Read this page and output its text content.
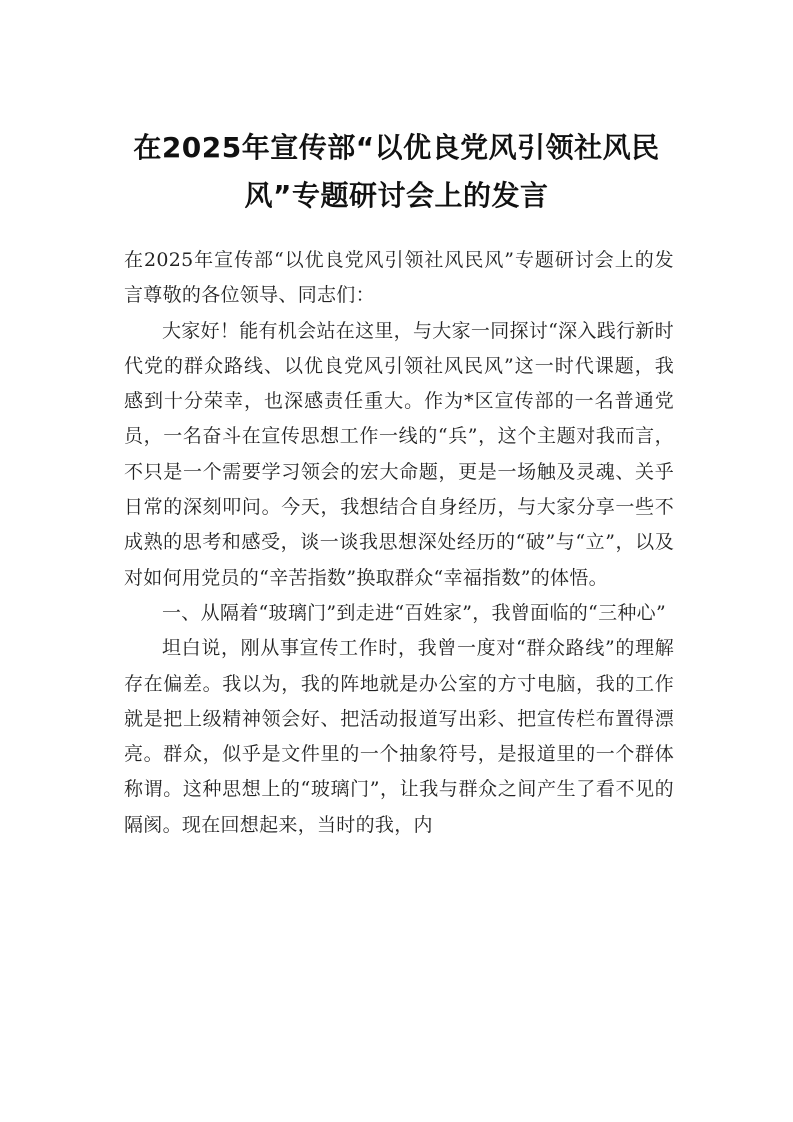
在2025年宣传部“以优良党风引领社风民风”专题研讨会上的发言

在2025年宣传部“以优良党风引领社风民风”专题研讨会上的发言尊敬的各位领导、同志们：

大家好！能有机会站在这里，与大家一同探讨“深入践行新时代党的群众路线、以优良党风引领社风民风”这一时代课题，我感到十分荣幸，也深感责任重大。作为*区宣传部的一名普通党员，一名奋斗在宣传思想工作一线的“兵”，这个主题对我而言，不只是一个需要学习领会的宏大命题，更是一场触及灵魂、关乎日常的深刻叩问。今天，我想结合自身经历，与大家分享一些不成熟的思考和感受，谈一谈我思想深处经历的“破”与“立”，以及对如何用党员的“辛苦指数”换取群众“幸福指数”的体悟。

一、从隔着“玻璃门”到走进“百姓家”，我曾面临的“三种心”

坦白说，刚从事宣传工作时，我曾一度对“群众路线”的理解存在偏差。我以为，我的阵地就是办公室的方寸电脑，我的工作就是把上级精神领会好、把活动报道写出彩、把宣传栏布置得漂亮。群众，似乎是文件里的一个抽象符号，是报道里的一个群体称谓。这种思想上的“玻璃门”，让我与群众之间产生了看不见的隔阂。现在回想起来，当时的我，内
